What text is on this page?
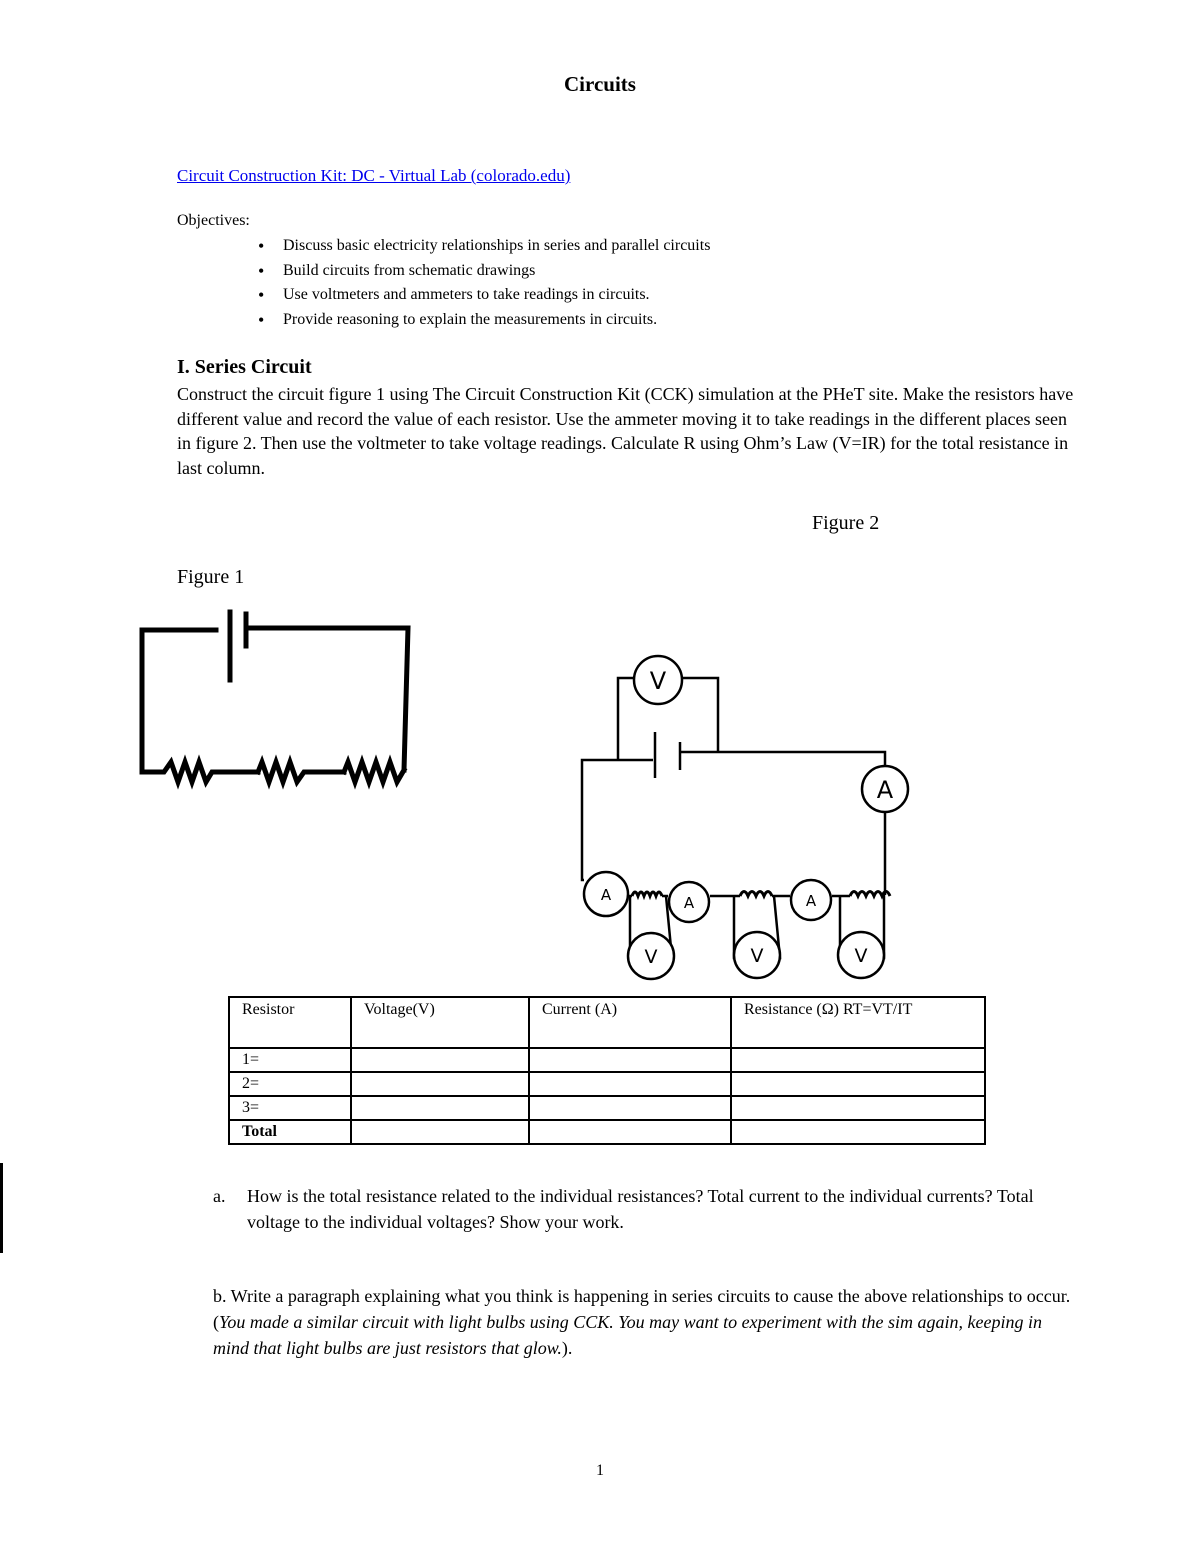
Circuits
Circuit Construction Kit: DC - Virtual Lab (colorado.edu)
Objectives:
• Discuss basic electricity relationships in series and parallel circuits
• Build circuits from schematic drawings
• Use voltmeters and ammeters to take readings in circuits.
• Provide reasoning to explain the measurements in circuits.
I. Series Circuit
Construct the circuit figure 1 using The Circuit Construction Kit (CCK) simulation at the PHeT site. Make the resistors have different value and record the value of each resistor. Use the ammeter moving it to take readings in the different places seen in figure 2. Then use the voltmeter to take voltage readings. Calculate R using Ohm’s Law (V=IR) for the total resistance in last column.
Figure 2
Figure 1
V
A
A	A	A
V	V	V
Resistor	Voltage(V)	Current (A)	Resistance (Ω) RT=VT/IT
1=			
2=			
3=			
Total			
a. How is the total resistance related to the individual resistances? Total current to the individual currents? Total voltage to the individual voltages? Show your work.
b. Write a paragraph explaining what you think is happening in series circuits to cause the above relationships to occur. (You made a similar circuit with light bulbs using CCK. You may want to experiment with the sim again, keeping in mind that light bulbs are just resistors that glow.).
1
